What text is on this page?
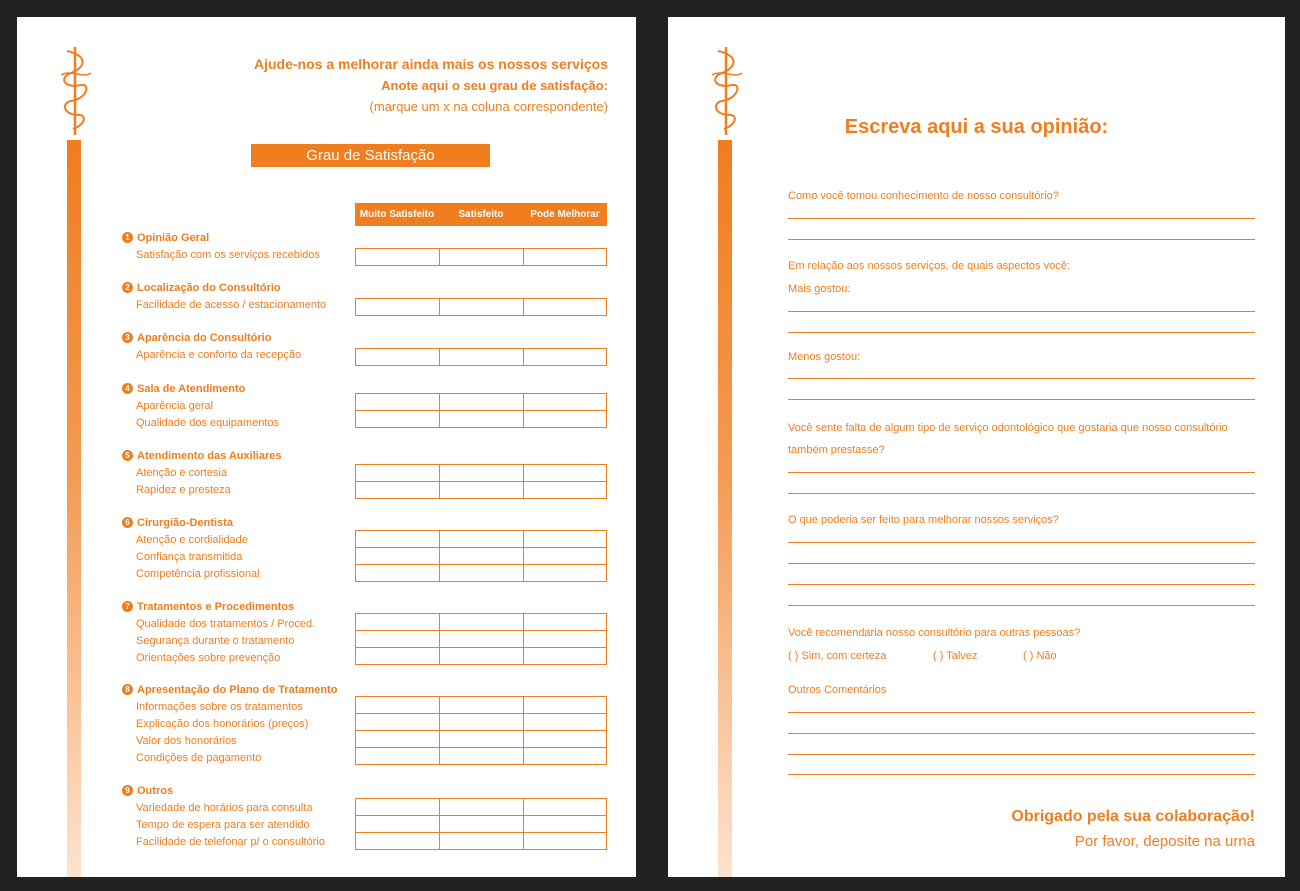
Ajude-nos a melhorar ainda mais os nossos serviços
Anote aqui o seu grau de satisfação:
(marque um x na coluna correspondente)
Grau de Satisfação
Muito Satisfeito	Satisfeito	Pode Melhorar
1 Opinião Geral
Satisfação com os serviços recebidos
2 Localização do Consultório
Facilidade de acesso / estacionamento
3 Aparência do Consultório
Aparência e conforto da recepção
4 Sala de Atendimento
Aparência geral
Qualidade dos equipamentos
5 Atendimento das Auxiliares
Atenção e cortesia
Rapidez e presteza
6 Cirurgião-Dentista
Atenção e cordialidade
Confiança transmitida
Competência profissional
7 Tratamentos e Procedimentos
Qualidade dos tratamentos / Proced.
Segurança durante o tratamento
Orientações sobre prevenção
8 Apresentação do Plano de Tratamento
Informações sobre os tratamentos
Explicação dos honorários (preços)
Valor dos honorários
Condições de pagamento
9 Outros
Variedade de horários para consulta
Tempo de espera para ser atendido
Facilidade de telefonar p/ o consultório
Escreva aqui a sua opinião:
Como você tomou conhecimento de nosso consultório?
Em relação aos nossos serviços, de quais aspectos você:
Mais gostou:
Menos gostou:
Você sente falta de algum tipo de serviço odontológico que gostaria que nosso consultório
também prestasse?
O que poderia ser feito para melhorar nossos serviços?
Você recomendaria nosso consultório para outras pessoas?
( ) Sim, com certeza	( ) Talvez	( ) Não
Outros Comentários
Obrigado pela sua colaboração!
Por favor, deposite na urna
